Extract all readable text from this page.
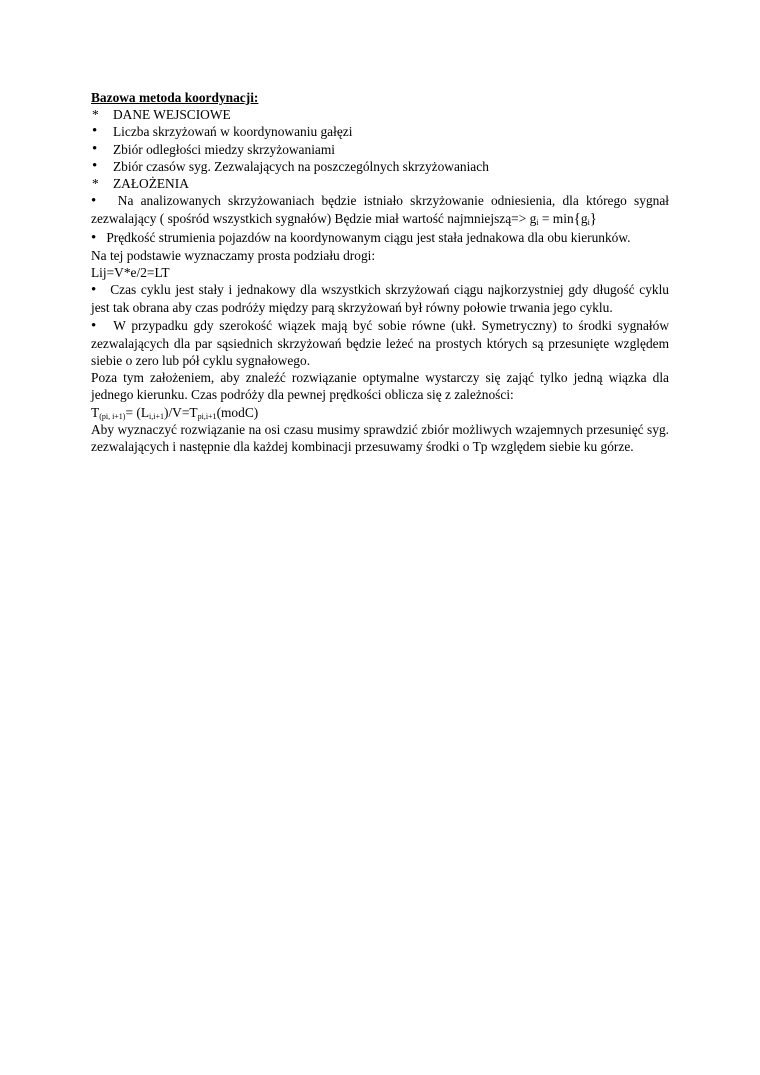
Bazowa metoda koordynacji:
*	DANE WEJSCIOWE
•	Liczba skrzyżowań w koordynowaniu gałęzi
•	Zbiór odległości miedzy skrzyżowaniami
•	Zbiór czasów syg. Zezwalających na poszczególnych skrzyżowaniach
*	ZAŁOŻENIA
• Na analizowanych skrzyżowaniach będzie istniało skrzyżowanie odniesienia, dla którego sygnał zezwalający ( spośród wszystkich sygnałów) Będzie miał wartość najmniejszą=> $g_i = \min\{g_i\}$
• Prędkość strumienia pojazdów na koordynowanym ciągu jest stała jednakowa dla obu kierunków.
Na tej podstawie wyznaczamy prosta podziału drogi:
Lij=V*e/2=LT
• Czas cyklu jest stały i jednakowy dla wszystkich skrzyżowań ciągu najkorzystniej gdy długość cyklu jest tak obrana aby czas podróży między parą skrzyżowań był równy połowie trwania jego cyklu.
• W przypadku gdy szerokość wiązek mają być sobie równe (ukł. Symetryczny) to środki sygnałów zezwalających dla par sąsiednich skrzyżowań będzie leżeć na prostych których są przesunięte względem siebie o zero lub pół cyklu sygnałowego.
Poza tym założeniem, aby znaleźć rozwiązanie optymalne wystarczy się zająć tylko jedną wiązka dla jednego kierunku. Czas podróży dla pewnej prędkości oblicza się z zależności:
$T_{(pi, i+1)}=$ $(L_{i,i+1})/V=T_{pi,i+1}(modC)$
Aby wyznaczyć rozwiązanie na osi czasu musimy sprawdzić zbiór możliwych wzajemnych przesunięć syg. zezwalających i następnie dla każdej kombinacji przesuwamy środki o Tp względem siebie ku górze.
